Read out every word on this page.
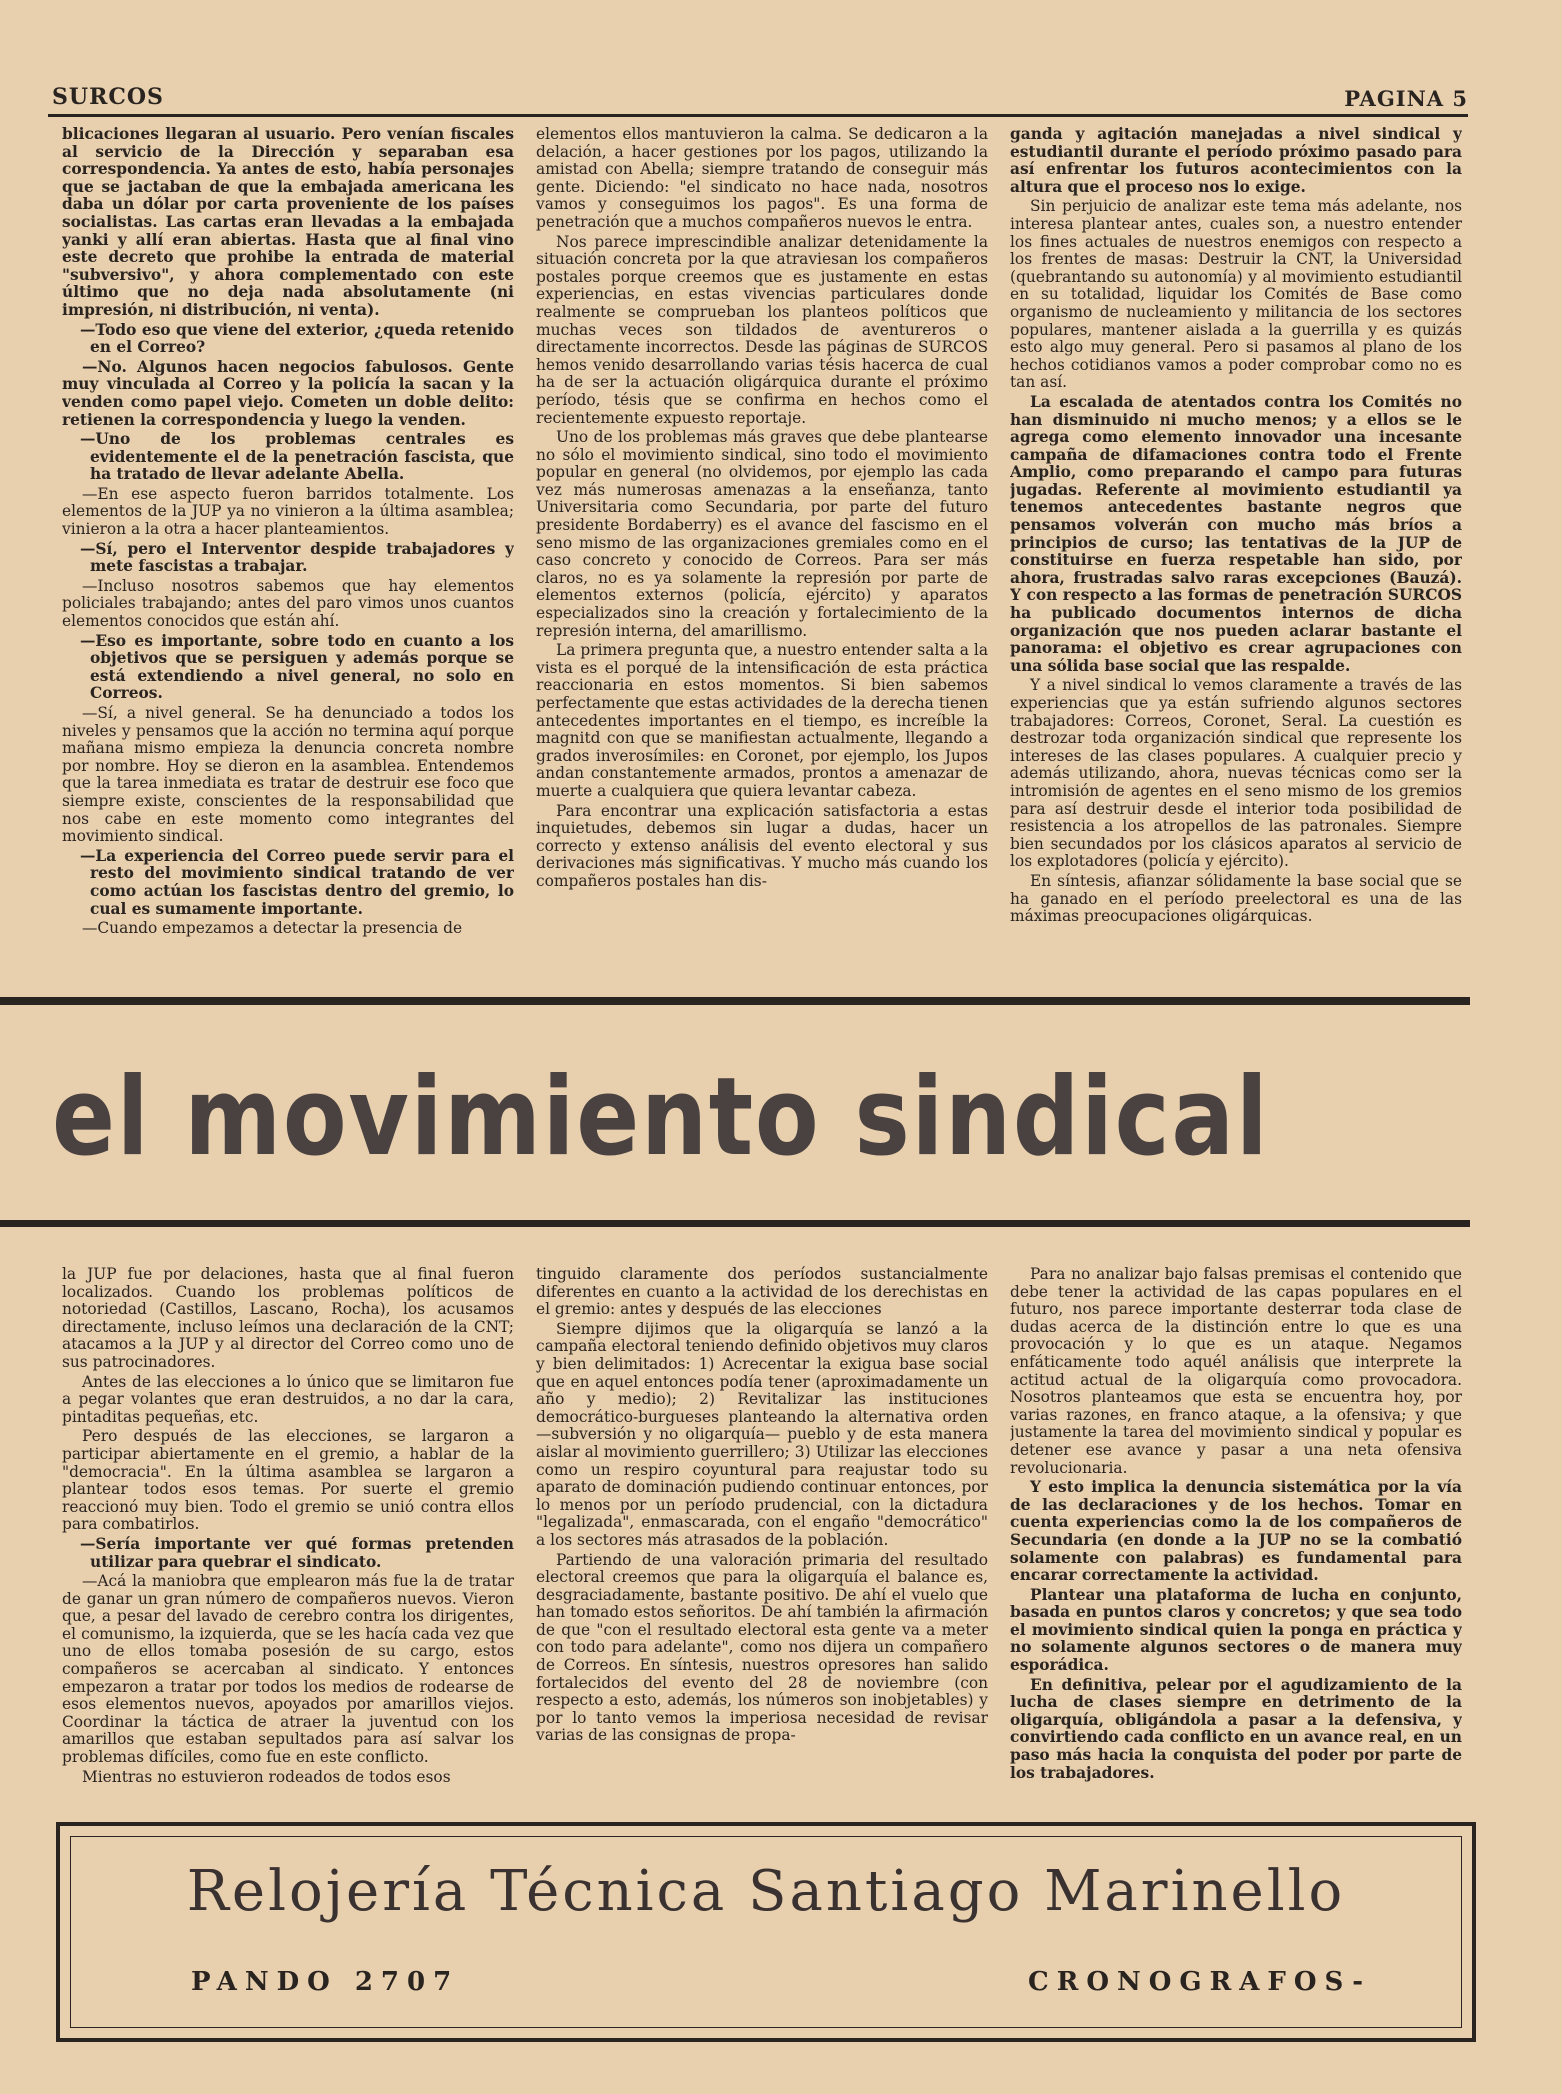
SURCOS	PAGINA 5

blicaciones llegaran al usuario. Pero venían fiscales al servicio de la Dirección y separaban esa correspondencia. Ya antes de esto, había personajes que se jactaban de que la embajada americana les daba un dólar por carta proveniente de los países socialistas. Las cartas eran llevadas a la embajada yanki y allí eran abiertas. Hasta que al final vino este decreto que prohibe la entrada de material "subversivo", y ahora complementado con este último que no deja nada absolutamente (ni impresión, ni distribución, ni venta).

—Todo eso que viene del exterior, ¿queda retenido en el Correo?

—No. Algunos hacen negocios fabulosos. Gente muy vinculada al Correo y la policía la sacan y la venden como papel viejo. Cometen un doble delito: retienen la correspondencia y luego la venden.

—Uno de los problemas centrales es evidentemente el de la penetración fascista, que ha tratado de llevar adelante Abella.

—En ese aspecto fueron barridos totalmente. Los elementos de la JUP ya no vinieron a la última asamblea; vinieron a la otra a hacer planteamientos.

—Sí, pero el Interventor despide trabajadores y mete fascistas a trabajar.

—Incluso nosotros sabemos que hay elementos policiales trabajando; antes del paro vimos unos cuantos elementos conocidos que están ahí.

—Eso es importante, sobre todo en cuanto a los objetivos que se persiguen y además porque se está extendiendo a nivel general, no solo en Correos.

—Sí, a nivel general. Se ha denunciado a todos los niveles y pensamos que la acción no termina aquí porque mañana mismo empieza la denuncia concreta nombre por nombre. Hoy se dieron en la asamblea. Entendemos que la tarea inmediata es tratar de destruir ese foco que siempre existe, conscientes de la responsabilidad que nos cabe en este momento como integrantes del movimiento sindical.

—La experiencia del Correo puede servir para el resto del movimiento sindical tratando de ver como actúan los fascistas dentro del gremio, lo cual es sumamente importante.

—Cuando empezamos a detectar la presencia de

elementos ellos mantuvieron la calma. Se dedicaron a la delación, a hacer gestiones por los pagos, utilizando la amistad con Abella; siempre tratando de conseguir más gente. Diciendo: "el sindicato no hace nada, nosotros vamos y conseguimos los pagos". Es una forma de penetración que a muchos compañeros nuevos le entra.

Nos parece imprescindible analizar detenidamente la situación concreta por la que atraviesan los compañeros postales porque creemos que es justamente en estas experiencias, en estas vivencias particulares donde realmente se comprueban los planteos políticos que muchas veces son tildados de aventureros o directamente incorrectos. Desde las páginas de SURCOS hemos venido desarrollando varias tésis hacerca de cual ha de ser la actuación oligárquica durante el próximo período, tésis que se confirma en hechos como el recientemente expuesto reportaje.

Uno de los problemas más graves que debe plantearse no sólo el movimiento sindical, sino todo el movimiento popular en general (no olvidemos, por ejemplo las cada vez más numerosas amenazas a la enseñanza, tanto Universitaria como Secundaria, por parte del futuro presidente Bordaberry) es el avance del fascismo en el seno mismo de las organizaciones gremiales como en el caso concreto y conocido de Correos. Para ser más claros, no es ya solamente la represión por parte de elementos externos (policía, ejército) y aparatos especializados sino la creación y fortalecimiento de la represión interna, del amarillismo.

La primera pregunta que, a nuestro entender salta a la vista es el porqué de la intensificación de esta práctica reaccionaria en estos momentos. Si bien sabemos perfectamente que estas actividades de la derecha tienen antecedentes importantes en el tiempo, es increíble la magnitd con que se manifiestan actualmente, llegando a grados inverosímiles: en Coronet, por ejemplo, los Jupos andan constantemente armados, prontos a amenazar de muerte a cualquiera que quiera levantar cabeza.

Para encontrar una explicación satisfactoria a estas inquietudes, debemos sin lugar a dudas, hacer un correcto y extenso análisis del evento electoral y sus derivaciones más significativas. Y mucho más cuando los compañeros postales han dis-

ganda y agitación manejadas a nivel sindical y estudiantil durante el período próximo pasado para así enfrentar los futuros acontecimientos con la altura que el proceso nos lo exige.

Sin perjuicio de analizar este tema más adelante, nos interesa plantear antes, cuales son, a nuestro entender los fines actuales de nuestros enemigos con respecto a los frentes de masas: Destruir la CNT, la Universidad (quebrantando su autonomía) y al movimiento estudiantil en su totalidad, liquidar los Comités de Base como organismo de nucleamiento y militancia de los sectores populares, mantener aislada a la guerrilla y es quizás esto algo muy general. Pero si pasamos al plano de los hechos cotidianos vamos a poder comprobar como no es tan así.

La escalada de atentados contra los Comités no han disminuido ni mucho menos; y a ellos se le agrega como elemento innovador una incesante campaña de difamaciones contra todo el Frente Amplio, como preparando el campo para futuras jugadas. Referente al movimiento estudiantil ya tenemos antecedentes bastante negros que pensamos volverán con mucho más bríos a principios de curso; las tentativas de la JUP de constituirse en fuerza respetable han sido, por ahora, frustradas salvo raras excepciones (Bauzá). Y con respecto a las formas de penetración SURCOS ha publicado documentos internos de dicha organización que nos pueden aclarar bastante el panorama: el objetivo es crear agrupaciones con una sólida base social que las respalde.

Y a nivel sindical lo vemos claramente a través de las experiencias que ya están sufriendo algunos sectores trabajadores: Correos, Coronet, Seral. La cuestión es destrozar toda organización sindical que represente los intereses de las clases populares. A cualquier precio y además utilizando, ahora, nuevas técnicas como ser la intromisión de agentes en el seno mismo de los gremios para así destruir desde el interior toda posibilidad de resistencia a los atropellos de las patronales. Siempre bien secundados por los clásicos aparatos al servicio de los explotadores (policía y ejército).

En síntesis, afianzar sólidamente la base social que se ha ganado en el período preelectoral es una de las máximas preocupaciones oligárquicas.

el movimiento sindical

la JUP fue por delaciones, hasta que al final fueron localizados. Cuando los problemas políticos de notoriedad (Castillos, Lascano, Rocha), los acusamos directamente, incluso leímos una declaración de la CNT; atacamos a la JUP y al director del Correo como uno de sus patrocinadores.

Antes de las elecciones a lo único que se limitaron fue a pegar volantes que eran destruidos, a no dar la cara, pintaditas pequeñas, etc.

Pero después de las elecciones, se largaron a participar abiertamente en el gremio, a hablar de la "democracia". En la última asamblea se largaron a plantear todos esos temas. Por suerte el gremio reaccionó muy bien. Todo el gremio se unió contra ellos para combatirlos.

—Sería importante ver qué formas pretenden utilizar para quebrar el sindicato.

—Acá la maniobra que emplearon más fue la de tratar de ganar un gran número de compañeros nuevos. Vieron que, a pesar del lavado de cerebro contra los dirigentes, el comunismo, la izquierda, que se les hacía cada vez que uno de ellos tomaba posesión de su cargo, estos compañeros se acercaban al sindicato. Y entonces empezaron a tratar por todos los medios de rodearse de esos elementos nuevos, apoyados por amarillos viejos. Coordinar la táctica de atraer la juventud con los amarillos que estaban sepultados para así salvar los problemas difíciles, como fue en este conflicto.

Mientras no estuvieron rodeados de todos esos

tinguido claramente dos períodos sustancialmente diferentes en cuanto a la actividad de los derechistas en el gremio: antes y después de las elecciones

Siempre dijimos que la oligarquía se lanzó a la campaña electoral teniendo definido objetivos muy claros y bien delimitados: 1) Acrecentar la exigua base social que en aquel entonces podía tener (aproximadamente un año y medio); 2) Revitalizar las instituciones democrático-burgueses planteando la alternativa orden —subversión y no oligarquía— pueblo y de esta manera aislar al movimiento guerrillero; 3) Utilizar las elecciones como un respiro coyuntural para reajustar todo su aparato de dominación pudiendo continuar entonces, por lo menos por un período prudencial, con la dictadura "legalizada", enmascarada, con el engaño "democrático" a los sectores más atrasados de la población.

Partiendo de una valoración primaria del resultado electoral creemos que para la oligarquía el balance es, desgraciadamente, bastante positivo. De ahí el vuelo que han tomado estos señoritos. De ahí también la afirmación de que "con el resultado electoral esta gente va a meter con todo para adelante", como nos dijera un compañero de Correos. En síntesis, nuestros opresores han salido fortalecidos del evento del 28 de noviembre (con respecto a esto, además, los números son inobjetables) y por lo tanto vemos la imperiosa necesidad de revisar varias de las consignas de propa-

Para no analizar bajo falsas premisas el contenido que debe tener la actividad de las capas populares en el futuro, nos parece importante desterrar toda clase de dudas acerca de la distinción entre lo que es una provocación y lo que es un ataque. Negamos enfáticamente todo aquél análisis que interprete la actitud actual de la oligarquía como provocadora. Nosotros planteamos que esta se encuentra hoy, por varias razones, en franco ataque, a la ofensiva; y que justamente la tarea del movimiento sindical y popular es detener ese avance y pasar a una neta ofensiva revolucionaria.

Y esto implica la denuncia sistemática por la vía de las declaraciones y de los hechos. Tomar en cuenta experiencias como la de los compañeros de Secundaria (en donde a la JUP no se la combatió solamente con palabras) es fundamental para encarar correctamente la actividad.

Plantear una plataforma de lucha en conjunto, basada en puntos claros y concretos; y que sea todo el movimiento sindical quien la ponga en práctica y no solamente algunos sectores o de manera muy esporádica.

En definitiva, pelear por el agudizamiento de la lucha de clases siempre en detrimento de la oligarquía, obligándola a pasar a la defensiva, y convirtiendo cada conflicto en un avance real, en un paso más hacia la conquista del poder por parte de los trabajadores.

Relojería Técnica Santiago Marinello
PANDO 2707	CRONOGRAFOS-
